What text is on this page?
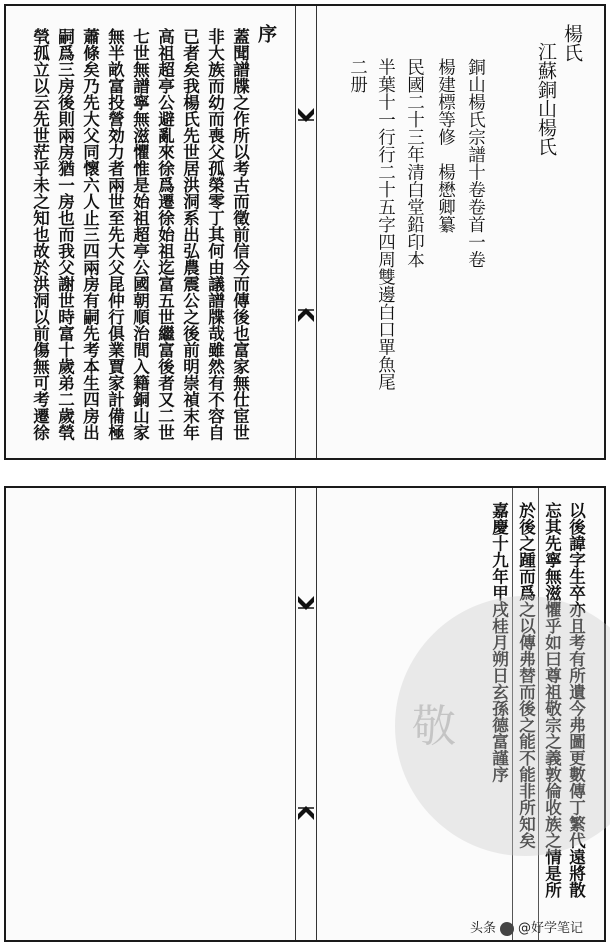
楊氏
江蘇銅山楊氏
銅山楊氏宗譜十卷卷首一卷
楊建標等修　楊懋卿纂
民國二十三年清白堂鉛印本
半葉十一行行二十五字四周雙邊白口單魚尾
二册
序
蓋聞譜牒之作所以考古而徵前信今而傳後也富家無仕宦世
非大族而幼而喪父孤榮零丁其何由議譜牒哉雖然有不容自
已者矣我楊氏先世居洪洞系出弘農震公之後前明崇禎末年
高祖超亭公避亂來徐爲遷徐始祖迄富五世繼富後者又二世
七世無譜寧無滋懼惟是始祖超亭公國朝順治間入籍銅山家
無半畝富投營効力者兩世至先大父昆仲行俱業賈家計備極
蕭條矣乃先大父同懷六人止三四兩房有嗣先考本生四房出
嗣爲三房後則兩房猶一房也而我父謝世時富十歲弟二歲煢
煢孤立以云先世茫乎未之知也故於洪洞以前傷無可考遷徐
以後諱字生卒亦且考有所遺今弗圖更數傳丁繁代遠將散
忘其先寧無滋懼乎如曰尊祖敬宗之義敦倫收族之情是所
於後之踵而爲之以傳弗替而後之能不能非所知矣
嘉慶十九年甲戌桂月朔日玄孫德富謹序
敬
头条 @好学笔记
